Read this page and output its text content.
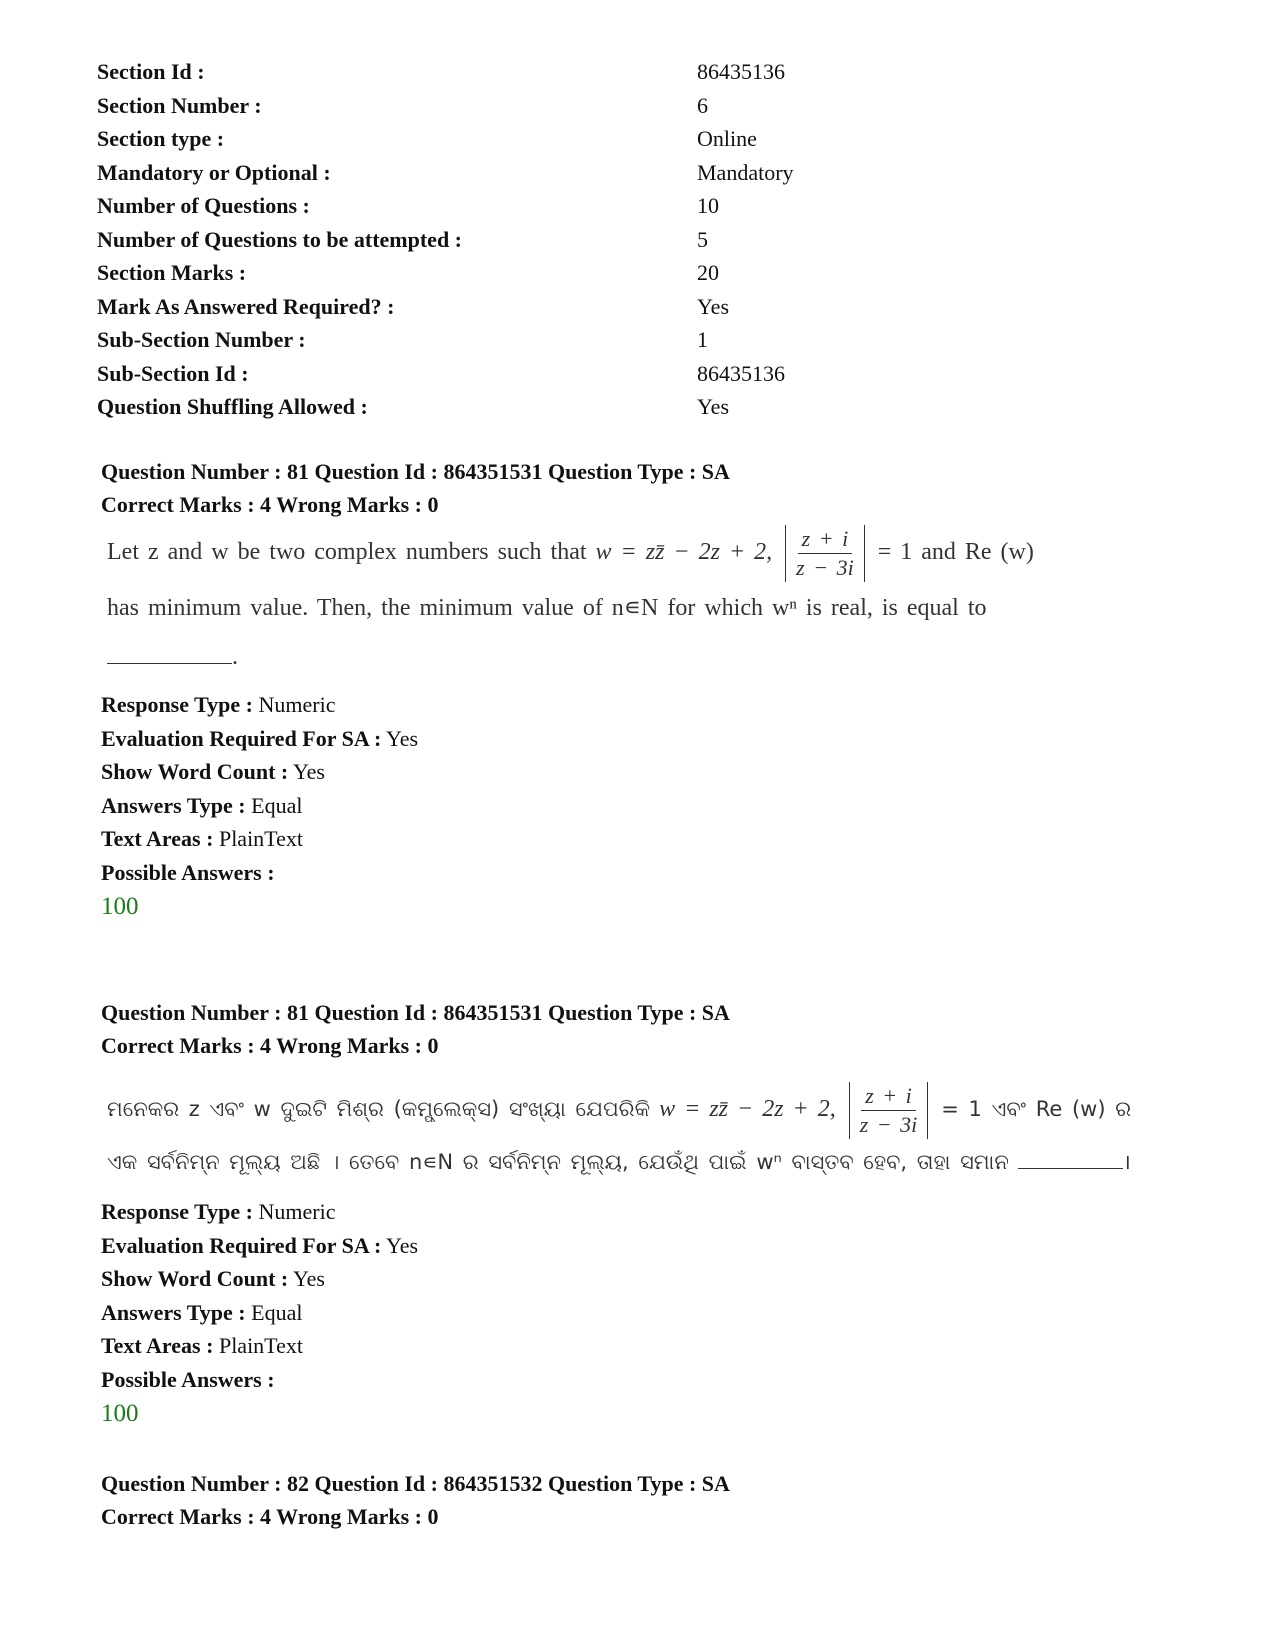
Section Id :	86435136
Section Number :	6
Section type :	Online
Mandatory or Optional :	Mandatory
Number of Questions :	10
Number of Questions to be attempted :	5
Section Marks :	20
Mark As Answered Required? :	Yes
Sub-Section Number :	1
Sub-Section Id :	86435136
Question Shuffling Allowed :	Yes
Question Number : 81 Question Id : 864351531 Question Type : SA
Correct Marks : 4 Wrong Marks : 0
Let z and w be two complex numbers such that w = zz̄ − 2z + 2, $\frac{z + i}{z - 3i} = 1$ and Re (w)
has minimum value. Then, the minimum value of n∊N for which wⁿ is real, is equal to
.
Response Type : Numeric
Evaluation Required For SA : Yes
Show Word Count : Yes
Answers Type : Equal
Text Areas : PlainText
Possible Answers :
100
Question Number : 81 Question Id : 864351531 Question Type : SA
Correct Marks : 4 Wrong Marks : 0
ମନେକର z ଏବଂ w ଦୁଇଟି ମିଶ୍ର (କମ୍ପ୍ଲେକ୍ସ) ସଂଖ୍ୟା ଯେପରିକି w = zz̄ − 2z + 2, $\frac{z + i}{z - 3i} = 1$ ଏବଂ Re (w) ର
ଏକ ସର୍ବନିମ୍ନ ମୂଲ୍ୟ ଅଛି । ତେବେ n∊N ର ସର୍ବନିମ୍ନ ମୂଲ୍ୟ, ଯେଉଁଥି ପାଇଁ wⁿ ବାସ୍ତବ ହେବ, ତାହା ସମାନ	।
Response Type : Numeric
Evaluation Required For SA : Yes
Show Word Count : Yes
Answers Type : Equal
Text Areas : PlainText
Possible Answers :
100
Question Number : 82 Question Id : 864351532 Question Type : SA
Correct Marks : 4 Wrong Marks : 0
